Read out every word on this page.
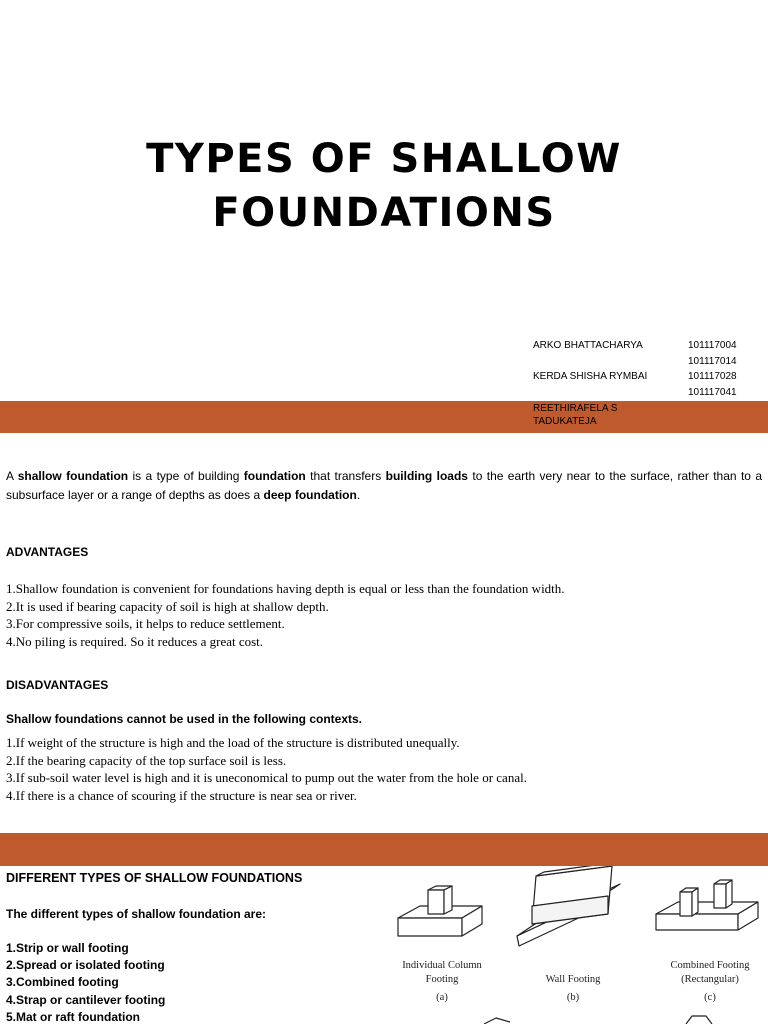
TYPES OF SHALLOW
FOUNDATIONS
ARKO BHATTACHARYA	101117004
101117014
KERDA SHISHA RYMBAI	101117028
101117041
REETHIRAFELA S
TADUKATEJA
A shallow foundation is a type of building foundation that transfers building loads to the earth very near to the surface, rather than to a subsurface layer or a range of depths as does a deep foundation.
ADVANTAGES
1.Shallow foundation is convenient for foundations having depth is equal or less than the foundation width.
2.It is used if bearing capacity of soil is high at shallow depth.
3.For compressive soils, it helps to reduce settlement.
4.No piling is required. So it reduces a great cost.
DISADVANTAGES
Shallow foundations cannot be used in the following contexts.
1.If weight of the structure is high and the load of the structure is distributed unequally.
2.If the bearing capacity of the top surface soil is less.
3.If sub-soil water level is high and it is uneconomical to pump out the water from the hole or canal.
4.If there is a chance of scouring if the structure is near sea or river.
DIFFERENT TYPES OF SHALLOW FOUNDATIONS
The different types of shallow foundation are:
1.Strip or wall footing
2.Spread or isolated footing
3.Combined footing
4.Strap or cantilever footing
5.Mat or raft foundation
Individual Column
Footing
(a)
Wall Footing
(b)
Combined Footing
(Rectangular)
(c)
